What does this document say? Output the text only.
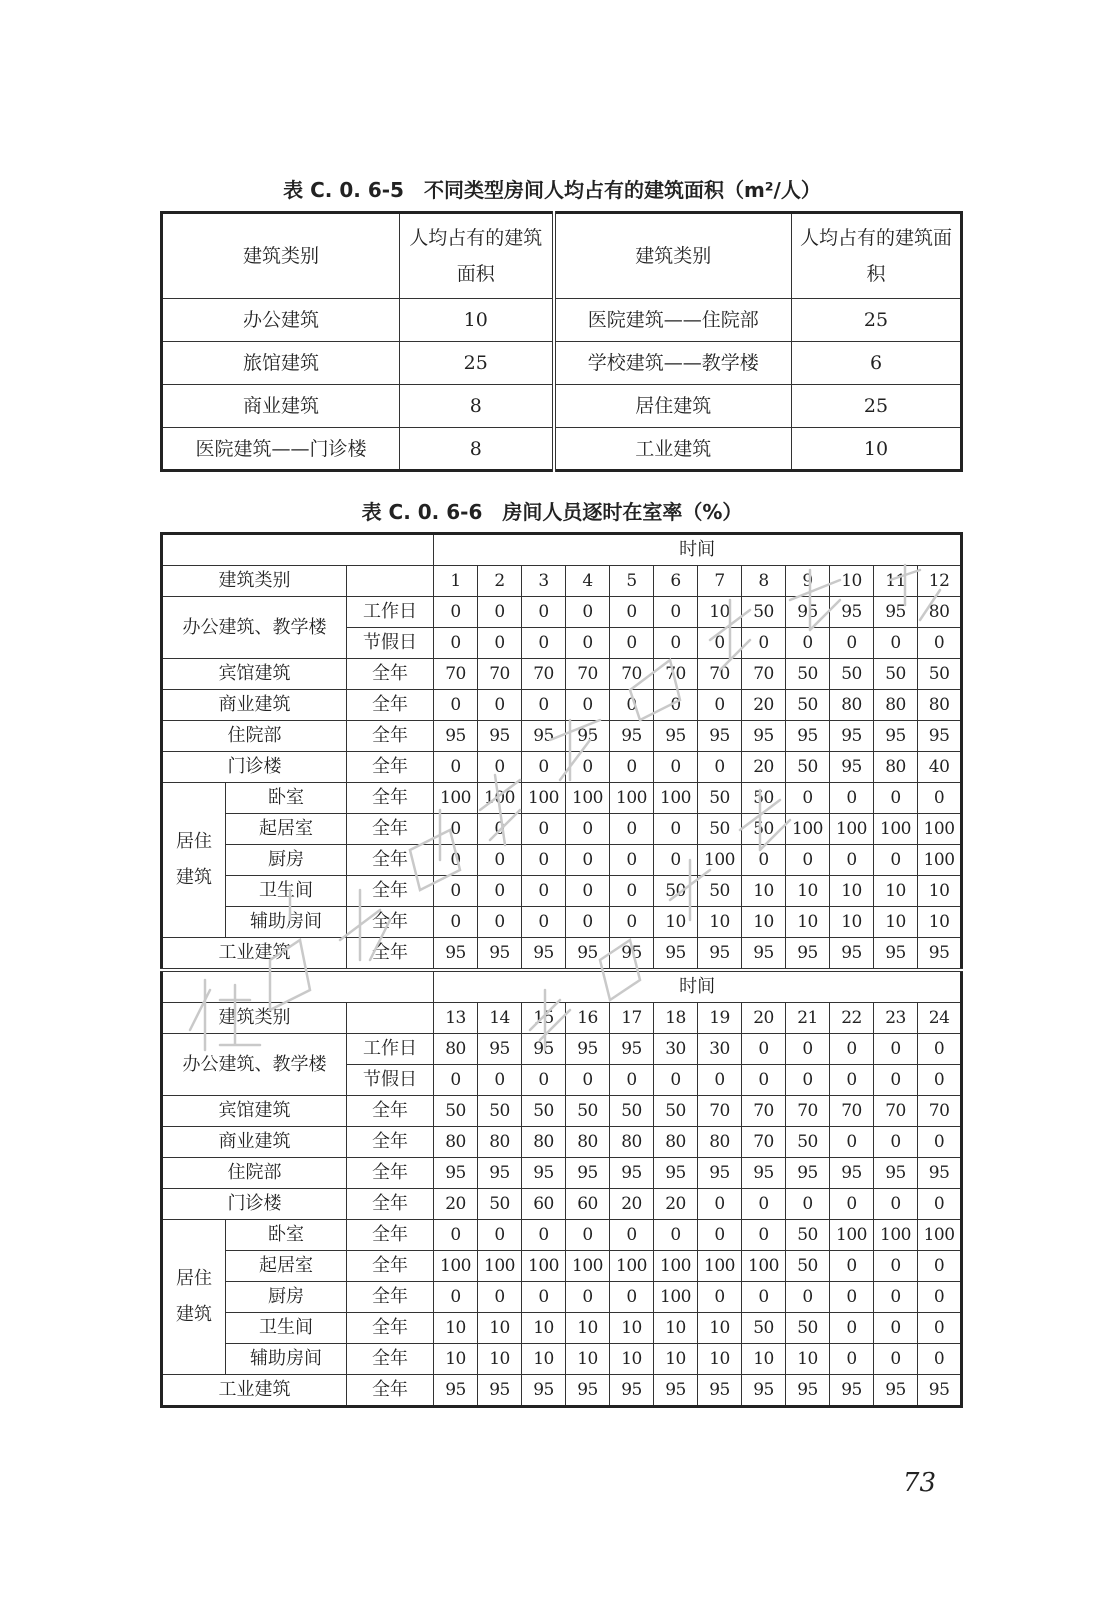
表 C. 0. 6-5　不同类型房间人均占有的建筑面积（m²/人）
建筑类别	人均占有的建筑面积	建筑类别	人均占有的建筑面积
办公建筑	10	医院建筑——住院部	25
旅馆建筑	25	学校建筑——教学楼	6
商业建筑	8	居住建筑	25
医院建筑——门诊楼	8	工业建筑	10
表 C. 0. 6-6　房间人员逐时在室率（%）
			时间											
建筑类别			1	2	3	4	5	6	7	8	9	10	11	12
办公建筑、教学楼		工作日	0	0	0	0	0	0	10	50	95	95	95	80
		节假日	0	0	0	0	0	0	0	0	0	0	0	0
宾馆建筑		全年	70	70	70	70	70	70	70	70	50	50	50	50
商业建筑		全年	0	0	0	0	0	0	0	20	50	80	80	80
住院部		全年	95	95	95	95	95	95	95	95	95	95	95	95
门诊楼		全年	0	0	0	0	0	0	0	20	50	95	80	40
居住建筑	卧室	全年	100	100	100	100	100	100	50	50	0	0	0	0
	起居室	全年	0	0	0	0	0	0	50	50	100	100	100	100
	厨房	全年	0	0	0	0	0	0	100	0	0	0	0	100
	卫生间	全年	0	0	0	0	0	50	50	10	10	10	10	10
	辅助房间	全年	0	0	0	0	0	10	10	10	10	10	10	10
工业建筑		全年	95	95	95	95	95	95	95	95	95	95	95	95
			时间											
建筑类别			13	14	15	16	17	18	19	20	21	22	23	24
办公建筑、教学楼		工作日	80	95	95	95	95	30	30	0	0	0	0	0
		节假日	0	0	0	0	0	0	0	0	0	0	0	0
宾馆建筑		全年	50	50	50	50	50	50	70	70	70	70	70	70
商业建筑		全年	80	80	80	80	80	80	80	70	50	0	0	0
住院部		全年	95	95	95	95	95	95	95	95	95	95	95	95
门诊楼		全年	20	50	60	60	20	20	0	0	0	0	0	0
居住建筑	卧室	全年	0	0	0	0	0	0	0	0	50	100	100	100
	起居室	全年	100	100	100	100	100	100	100	100	50	0	0	0
	厨房	全年	0	0	0	0	0	100	0	0	0	0	0	0
	卫生间	全年	10	10	10	10	10	10	10	50	50	0	0	0
	辅助房间	全年	10	10	10	10	10	10	10	10	10	0	0	0
工业建筑		全年	95	95	95	95	95	95	95	95	95	95	95	95
73
